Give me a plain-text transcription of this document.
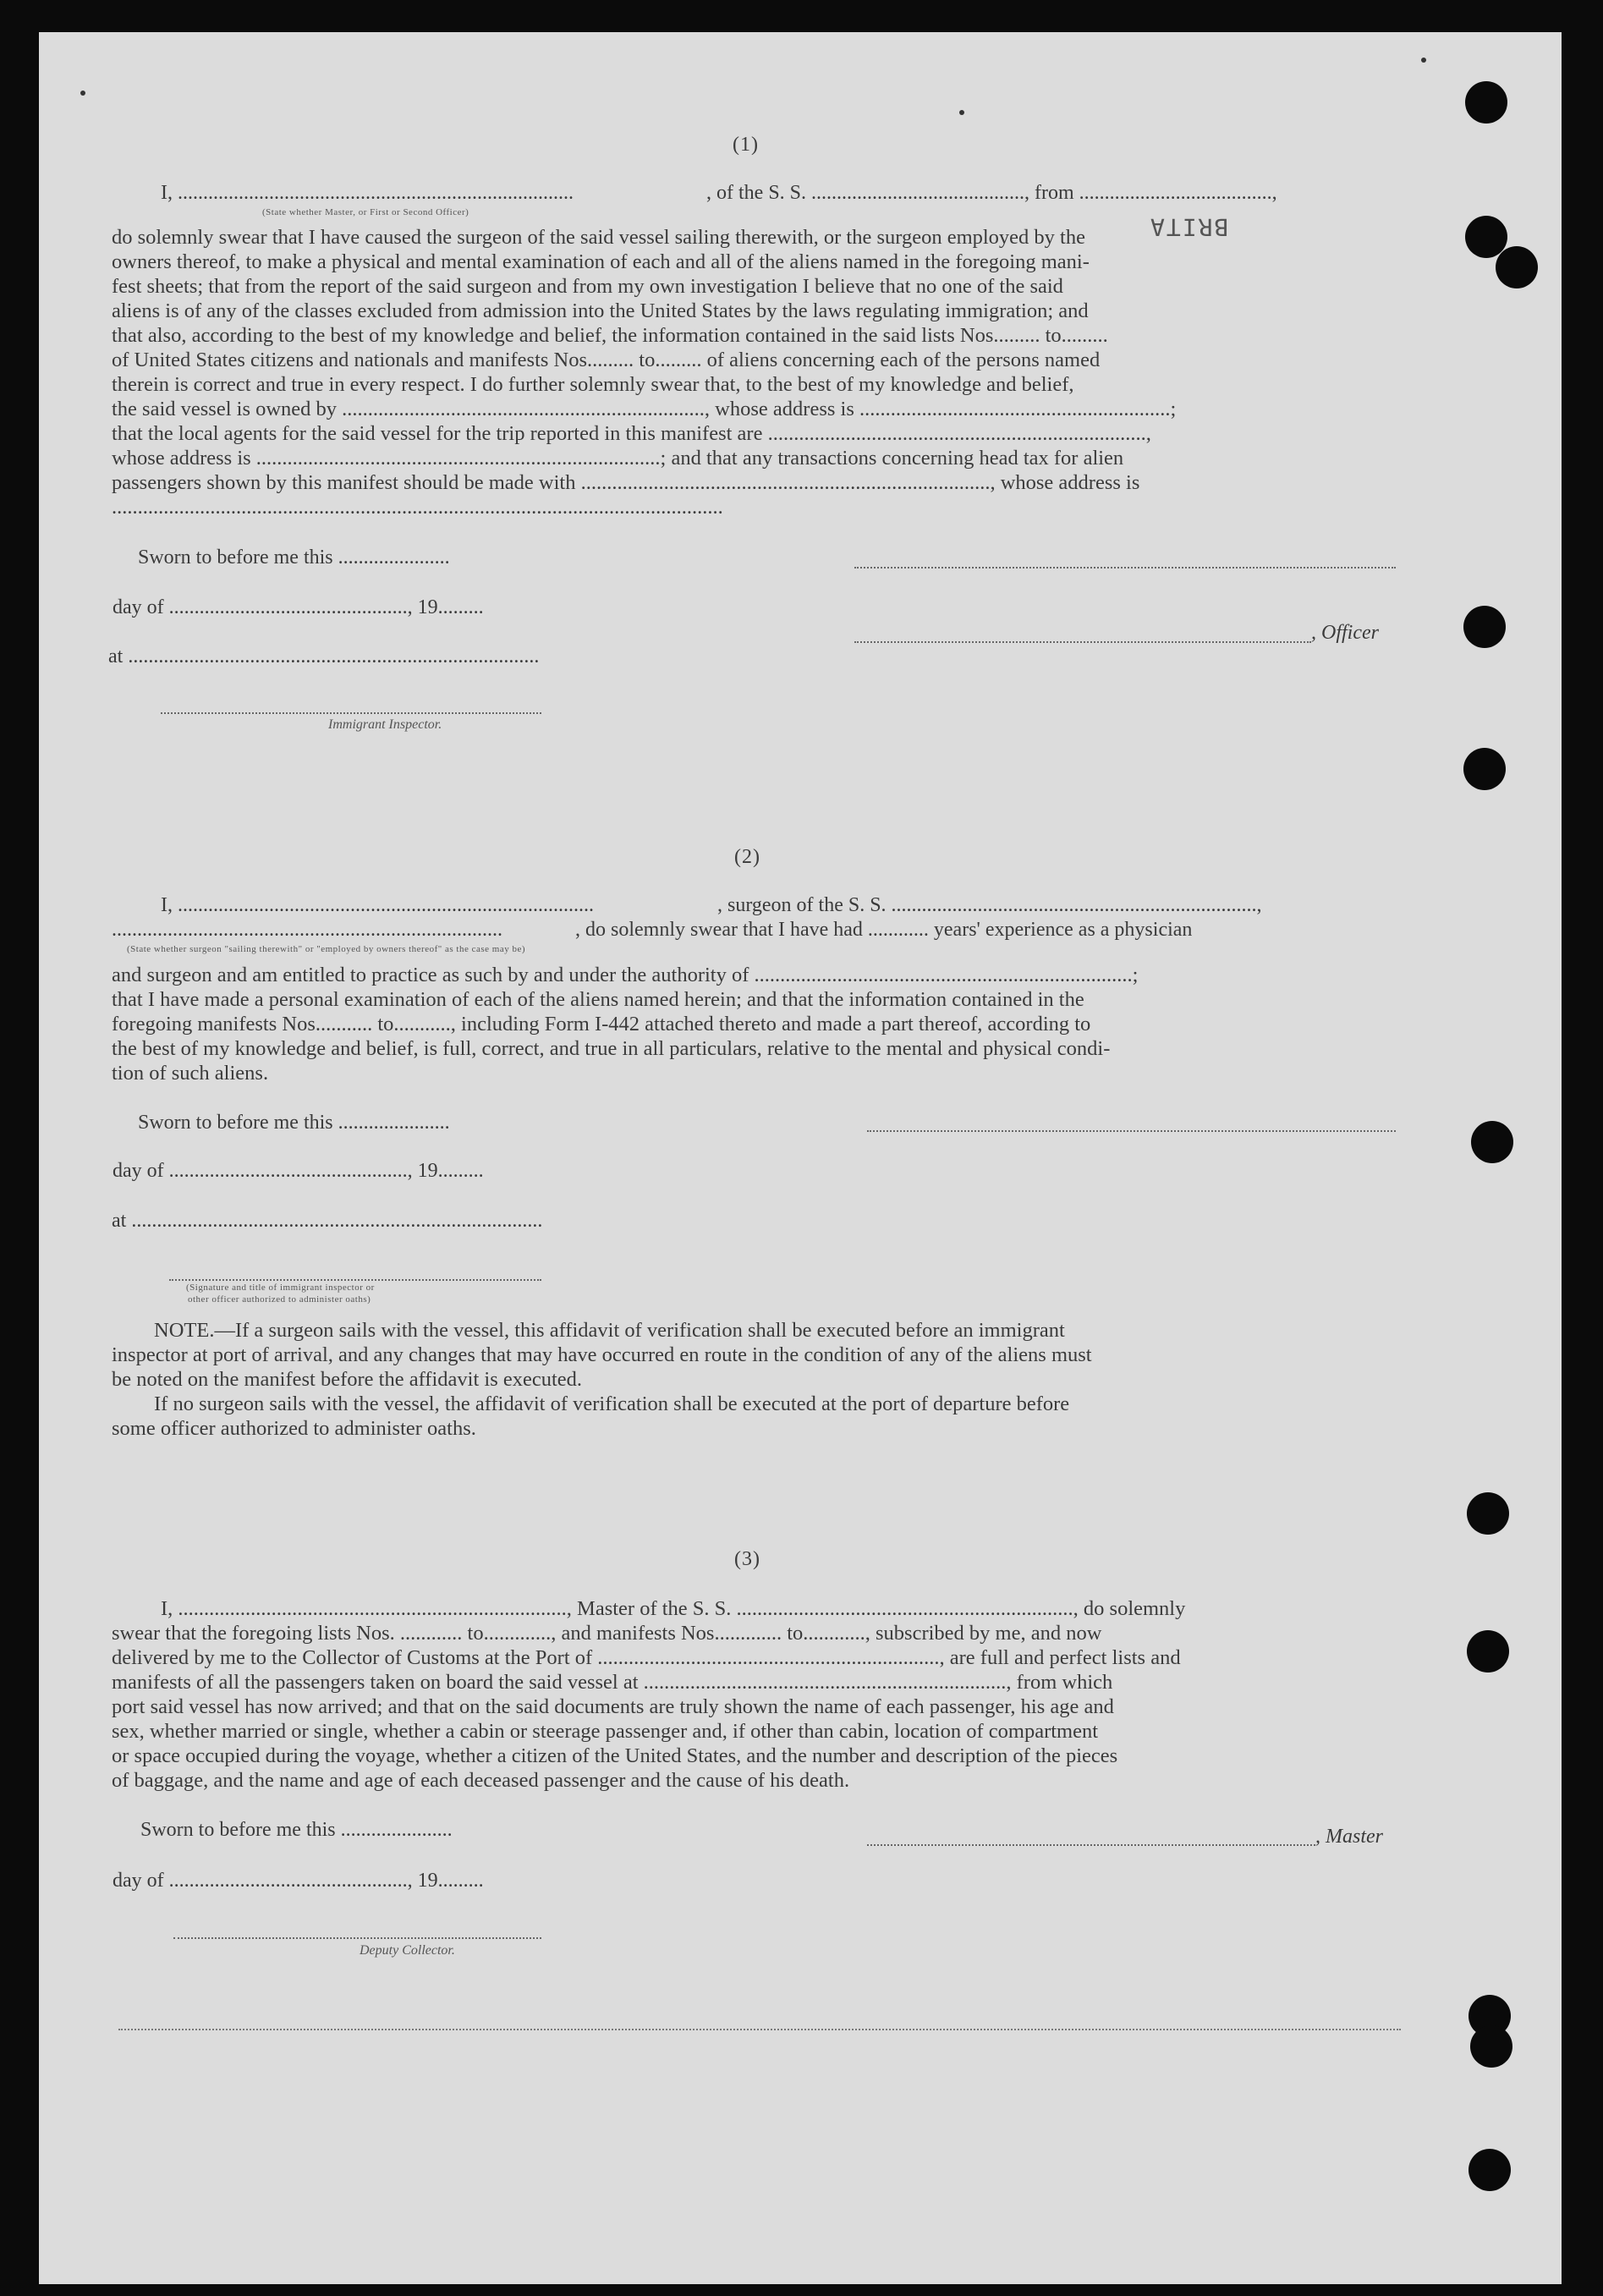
(1)
I, ..............................................................................	, of the S. S. .........................................., from ......................................,
(State whether Master, or First or Second Officer)
BRITA
do solemnly swear that I have caused the surgeon of the said vessel sailing therewith, or the surgeon employed by the
owners thereof, to make a physical and mental examination of each and all of the aliens named in the foregoing mani-
fest sheets; that from the report of the said surgeon and from my own investigation I believe that no one of the said
aliens is of any of the classes excluded from admission into the United States by the laws regulating immigration; and
that also, according to the best of my knowledge and belief, the information contained in the said lists Nos......... to.........
of United States citizens and nationals and manifests Nos......... to......... of aliens concerning each of the persons named
therein is correct and true in every respect. I do further solemnly swear that, to the best of my knowledge and belief,
the said vessel is owned by ......................................................................, whose address is ............................................................;
that the local agents for the said vessel for the trip reported in this manifest are .........................................................................,
whose address is ..............................................................................; and that any transactions concerning head tax for alien
passengers shown by this manifest should be made with ..............................................................................., whose address is
......................................................................................................................
Sworn to before me this ......................
day of ..............................................., 19.........
, Officer
at .................................................................................
Immigrant Inspector.
(2)
I, ..................................................................................	, surgeon of the S. S. ........................................................................,
.............................................................................	, do solemnly swear that I have had ............ years' experience as a physician
(State whether surgeon "sailing therewith" or "employed by owners thereof" as the case may be)
and surgeon and am entitled to practice as such by and under the authority of .........................................................................;
that I have made a personal examination of each of the aliens named herein; and that the information contained in the
foregoing manifests Nos........... to..........., including Form I-442 attached thereto and made a part thereof, according to
the best of my knowledge and belief, is full, correct, and true in all particulars, relative to the mental and physical condi-
tion of such aliens.
Sworn to before me this ......................
day of ..............................................., 19.........
at .................................................................................
(Signature and title of immigrant inspector or
other officer authorized to administer oaths)
NOTE.—If a surgeon sails with the vessel, this affidavit of verification shall be executed before an immigrant
inspector at port of arrival, and any changes that may have occurred en route in the condition of any of the aliens must
be noted on the manifest before the affidavit is executed.
If no surgeon sails with the vessel, the affidavit of verification shall be executed at the port of departure before
some officer authorized to administer oaths.
(3)
I, ..........................................................................., Master of the S. S. ................................................................., do solemnly
swear that the foregoing lists Nos. ............ to............., and manifests Nos............. to............, subscribed by me, and now
delivered by me to the Collector of Customs at the Port of .................................................................., are full and perfect lists and
manifests of all the passengers taken on board the said vessel at ......................................................................, from which
port said vessel has now arrived; and that on the said documents are truly shown the name of each passenger, his age and
sex, whether married or single, whether a cabin or steerage passenger and, if other than cabin, location of compartment
or space occupied during the voyage, whether a citizen of the United States, and the number and description of the pieces
of baggage, and the name and age of each deceased passenger and the cause of his death.
Sworn to before me this ......................	, Master
day of ..............................................., 19.........
Deputy Collector.
